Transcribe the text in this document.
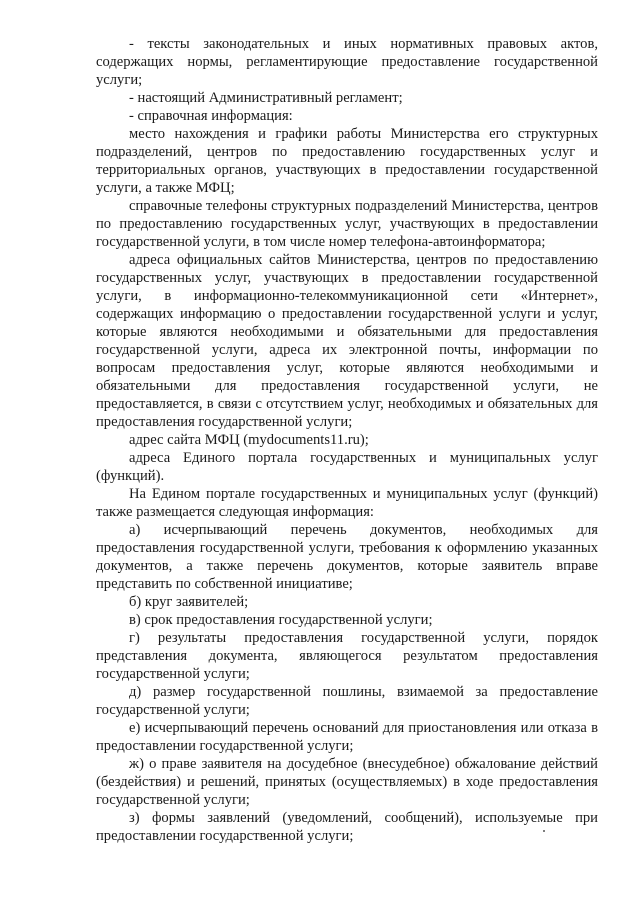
- тексты законодательных и иных нормативных правовых актов, содержащих нормы, регламентирующие предоставление государственной услуги;

- настоящий Административный регламент;

- справочная информация:

место нахождения и графики работы Министерства его структурных подразделений, центров по предоставлению государственных услуг и территориальных органов, участвующих в предоставлении государственной услуги, а также МФЦ;

справочные телефоны структурных подразделений Министерства, центров по предоставлению государственных услуг, участвующих в предоставлении государственной услуги, в том числе номер телефона-автоинформатора;

адреса официальных сайтов Министерства, центров по предоставлению государственных услуг, участвующих в предоставлении государственной услуги, в информационно-телекоммуникационной сети «Интернет», содержащих информацию о предоставлении государственной услуги и услуг, которые являются необходимыми и обязательными для предоставления государственной услуги, адреса их электронной почты, информации по вопросам предоставления услуг, которые являются необходимыми и обязательными для предоставления государственной услуги, не предоставляется, в связи с отсутствием услуг, необходимых и обязательных для предоставления государственной услуги;

адрес сайта МФЦ (mydocuments11.ru);

адреса Единого портала государственных и муниципальных услуг (функций).

На Едином портале государственных и муниципальных услуг (функций) также размещается следующая информация:

а) исчерпывающий перечень документов, необходимых для предоставления государственной услуги, требования к оформлению указанных документов, а также перечень документов, которые заявитель вправе представить по собственной инициативе;

б) круг заявителей;

в) срок предоставления государственной услуги;

г) результаты предоставления государственной услуги, порядок представления документа, являющегося результатом предоставления государственной услуги;

д) размер государственной пошлины, взимаемой за предоставление государственной услуги;

е) исчерпывающий перечень оснований для приостановления или отказа в предоставлении государственной услуги;

ж) о праве заявителя на досудебное (внесудебное) обжалование действий (бездействия) и решений, принятых (осуществляемых) в ходе предоставления государственной услуги;

з) формы заявлений (уведомлений, сообщений), используемые при предоставлении государственной услуги;
